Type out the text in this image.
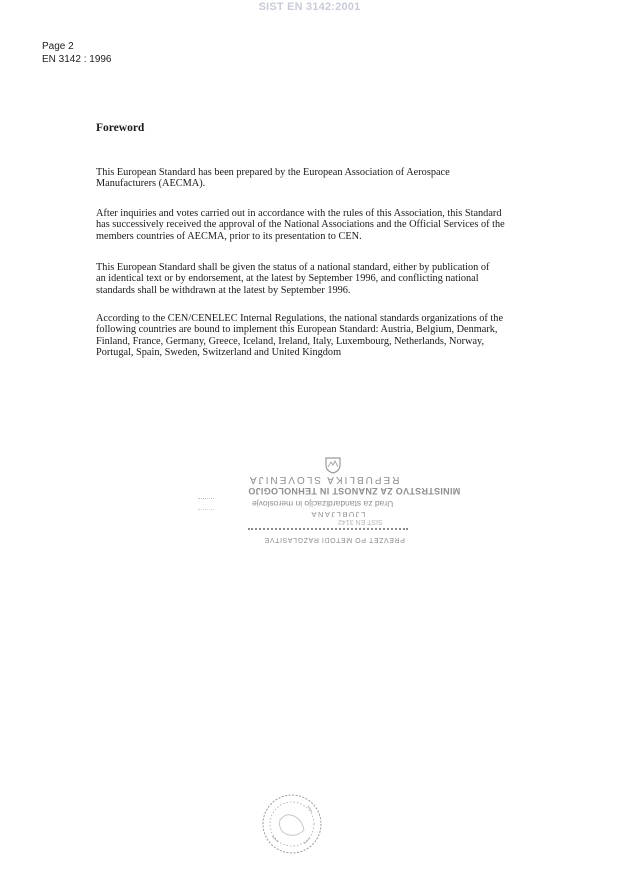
SIST EN 3142:2001
Page 2
EN 3142 : 1996
Foreword
This European Standard has been prepared by the European Association of Aerospace
Manufacturers (AECMA).
After inquiries and votes carried out in accordance with the rules of this Association, this Standard
has successively received the approval of the National Associations and the Official Services of the
members countries of AECMA, prior to its presentation to CEN.
This European Standard shall be given the status of a national standard, either by publication of
an identical text or by endorsement, at the latest by September 1996, and conflicting national
standards shall be withdrawn at the latest by September 1996.
According to the CEN/CENELEC Internal Regulations, the national standards organizations of the
following countries are bound to implement this European Standard: Austria, Belgium, Denmark,
Finland, France, Germany, Greece, Iceland, Ireland, Italy, Luxembourg, Netherlands, Norway,
Portugal, Spain, Sweden, Switzerland and United Kingdom
REPUBLIKA SLOVENIJA
MINISTRSTVO ZA ZNANOST IN TEHNOLOGIJO
Urad za standardizacijo in meroslovje
LJUBLJANA
SIST EN 3142
PREVZET PO METODI RAZGLASITVE
